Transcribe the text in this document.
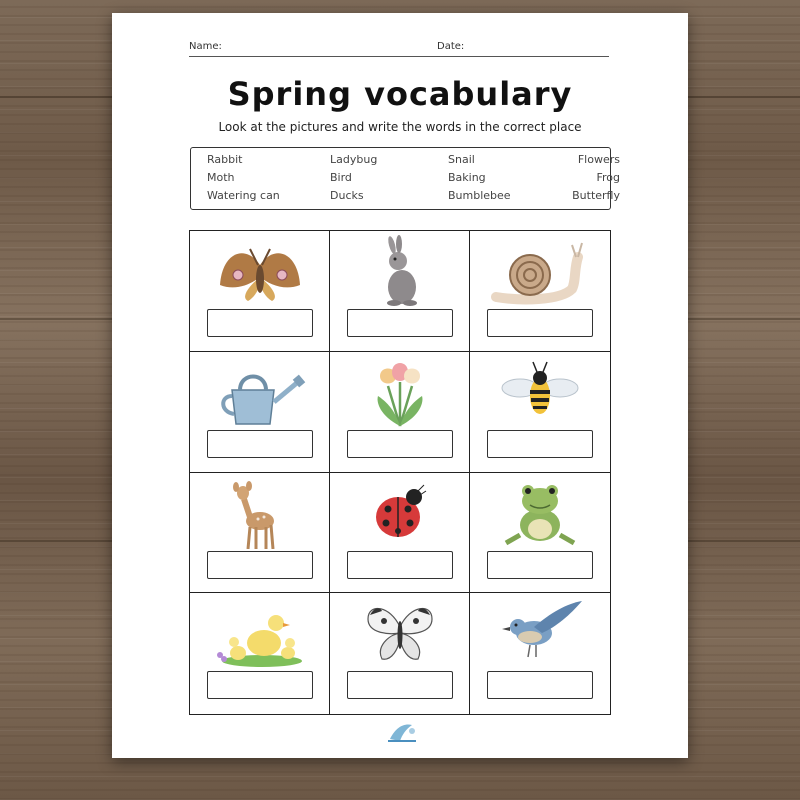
Name:	Date:
Spring vocabulary
Look at the pictures and write the words in the correct place
Rabbit	Ladybug	Snail	Flowers
Moth	Bird	Baking	Frog
Watering can	Ducks	Bumblebee	Butterfly
